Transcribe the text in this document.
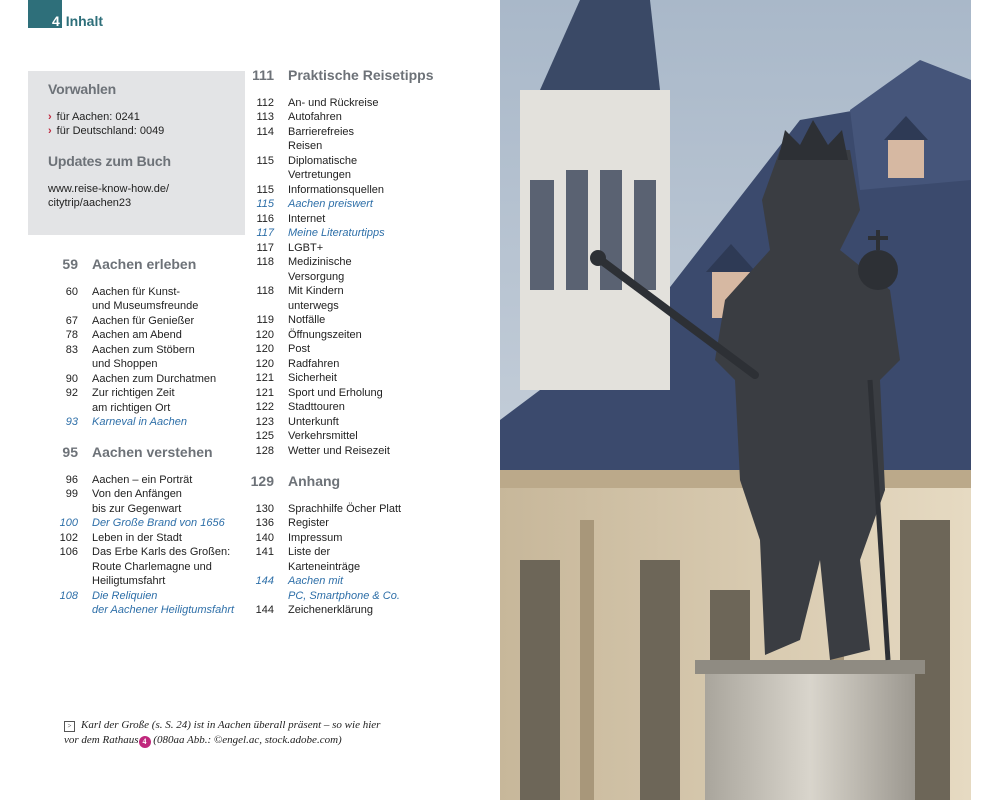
4 Inhalt
Vorwahlen
› für Aachen: 0241
› für Deutschland: 0049
Updates zum Buch
www.reise-know-how.de/
citytrip/aachen23
59 Aachen erleben
60 Aachen für Kunst-
und Museumsfreunde
67 Aachen für Genießer
78 Aachen am Abend
83 Aachen zum Stöbern
und Shoppen
90 Aachen zum Durchatmen
92 Zur richtigen Zeit
am richtigen Ort
93 Karneval in Aachen
95 Aachen verstehen
96 Aachen – ein Porträt
99 Von den Anfängen
bis zur Gegenwart
100 Der Große Brand von 1656
102 Leben in der Stadt
106 Das Erbe Karls des Großen:
Route Charlemagne und
Heiligtumsfahrt
108 Die Reliquien
der Aachener Heiligtumsfahrt
111 Praktische Reisetipps
112 An- und Rückreise
113 Autofahren
114 Barrierefreies
Reisen
115 Diplomatische
Vertretungen
115 Informationsquellen
115 Aachen preiswert
116 Internet
117 Meine Literaturtipps
117 LGBT+
118 Medizinische
Versorgung
118 Mit Kindern
unterwegs
119 Notfälle
120 Öffnungszeiten
120 Post
120 Radfahren
121 Sicherheit
121 Sport und Erholung
122 Stadttouren
123 Unterkunft
125 Verkehrsmittel
128 Wetter und Reisezeit
129 Anhang
130 Sprachhilfe Öcher Platt
136 Register
140 Impressum
141 Liste der
Karteneinträge
144 Aachen mit
PC, Smartphone & Co.
144 Zeichenerklärung
> Karl der Große (s. S. 24) ist in Aachen überall präsent – so wie hier
vor dem Rathaus 4 (080aa Abb.: ©engel.ac, stock.adobe.com)
